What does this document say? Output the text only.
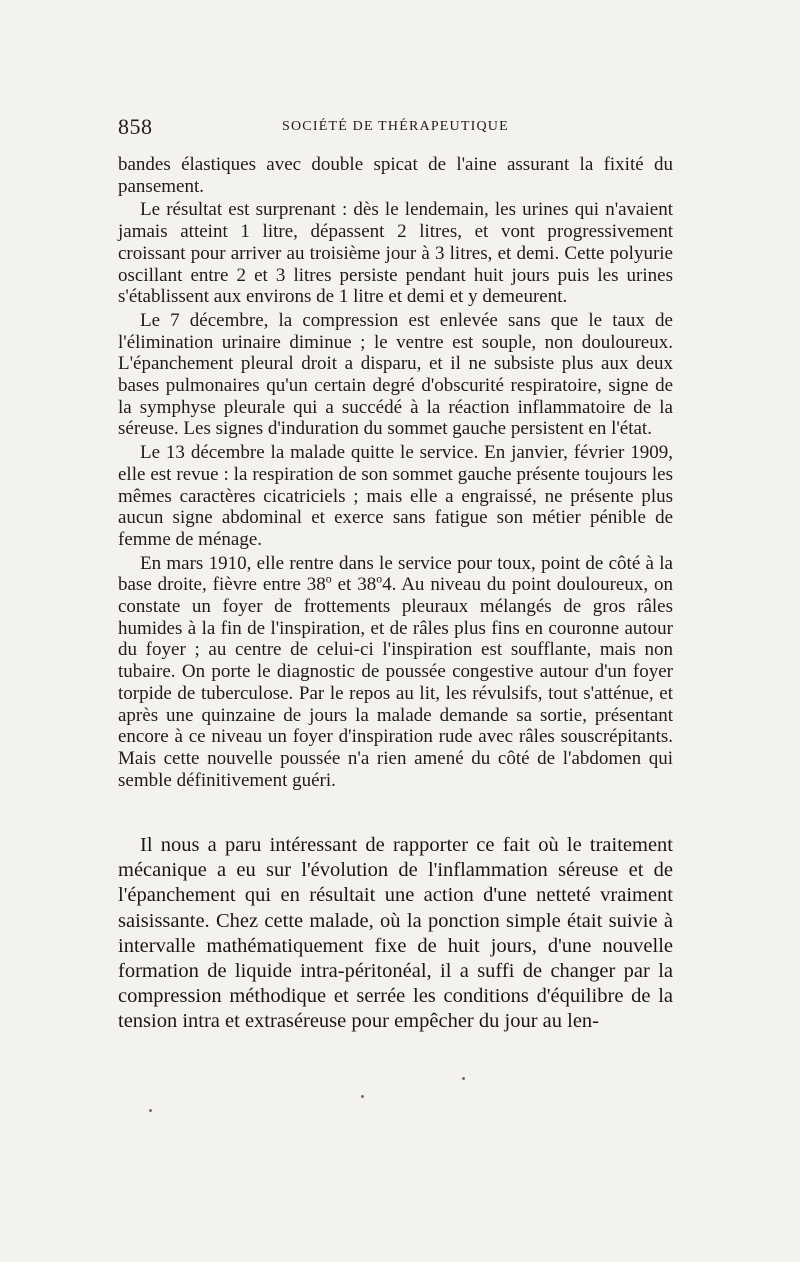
858	SOCIÉTÉ DE THÉRAPEUTIQUE

bandes élastiques avec double spicat de l'aine assurant la fixité du pansement.

Le résultat est surprenant : dès le lendemain, les urines qui n'avaient jamais atteint 1 litre, dépassent 2 litres, et vont progressivement croissant pour arriver au troisième jour à 3 litres, et demi. Cette polyurie oscillant entre 2 et 3 litres persiste pendant huit jours puis les urines s'établissent aux environs de 1 litre et demi et y demeurent.

Le 7 décembre, la compression est enlevée sans que le taux de l'élimination urinaire diminue ; le ventre est souple, non douloureux. L'épanchement pleural droit a disparu, et il ne subsiste plus aux deux bases pulmonaires qu'un certain degré d'obscurité respiratoire, signe de la symphyse pleurale qui a succédé à la réaction inflammatoire de la séreuse. Les signes d'induration du sommet gauche persistent en l'état.

Le 13 décembre la malade quitte le service. En janvier, février 1909, elle est revue : la respiration de son sommet gauche présente toujours les mêmes caractères cicatriciels ; mais elle a engraissé, ne présente plus aucun signe abdominal et exerce sans fatigue son métier pénible de femme de ménage.

En mars 1910, elle rentre dans le service pour toux, point de côté à la base droite, fièvre entre 38$^o$ et 38$^o$4. Au niveau du point douloureux, on constate un foyer de frottements pleuraux mélangés de gros râles humides à la fin de l'inspiration, et de râles plus fins en couronne autour du foyer ; au centre de celui-ci l'inspiration est soufflante, mais non tubaire. On porte le diagnostic de poussée congestive autour d'un foyer torpide de tuberculose. Par le repos au lit, les révulsifs, tout s'atténue, et après une quinzaine de jours la malade demande sa sortie, présentant encore à ce niveau un foyer d'inspiration rude avec râles souscrépitants. Mais cette nouvelle poussée n'a rien amené du côté de l'abdomen qui semble définitivement guéri.

Il nous a paru intéressant de rapporter ce fait où le traitement mécanique a eu sur l'évolution de l'inflammation séreuse et de l'épanchement qui en résultait une action d'une netteté vraiment saisissante. Chez cette malade, où la ponction simple était suivie à intervalle mathématiquement fixe de huit jours, d'une nouvelle formation de liquide intra-péritonéal, il a suffi de changer par la compression méthodique et serrée les conditions d'équilibre de la tension intra et extraséreuse pour empêcher du jour au len-
